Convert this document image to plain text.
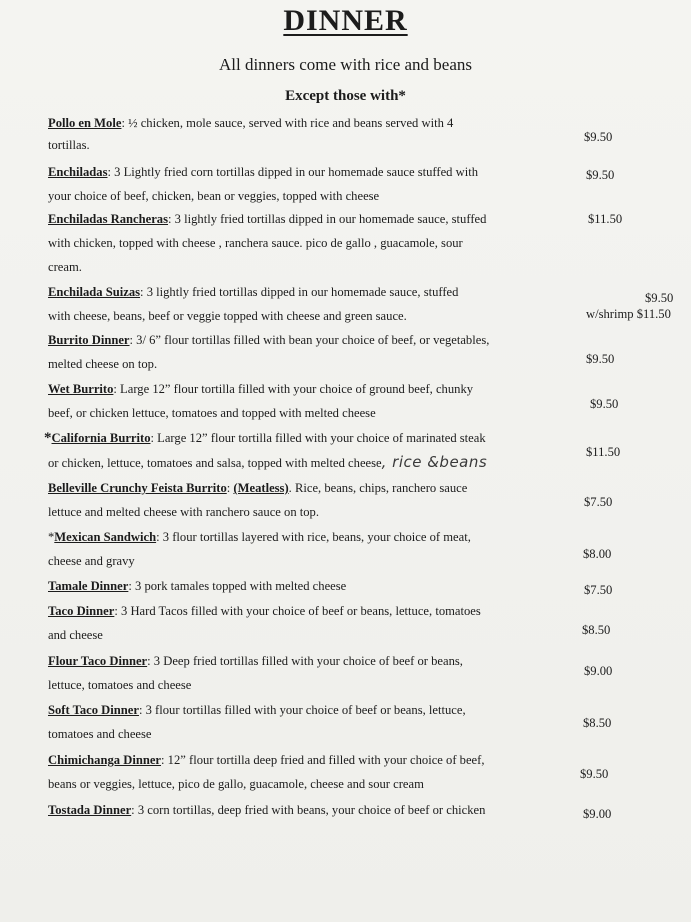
DINNER
All dinners come with rice and beans
Except those with*
Pollo en Mole: ½ chicken, mole sauce, served with rice and beans served with 4
tortillas.
$9.50
Enchiladas: 3 Lightly fried corn tortillas dipped in our homemade sauce stuffed with
your choice of beef, chicken, bean or veggies, topped with cheese
$9.50
Enchiladas Rancheras: 3 lightly fried tortillas dipped in our homemade sauce, stuffed
with chicken, topped with cheese , ranchera sauce. pico de gallo , guacamole, sour
cream.
$11.50
Enchilada Suizas: 3 lightly fried tortillas dipped in our homemade sauce, stuffed
with cheese, beans, beef or veggie topped with cheese and green sauce.
$9.50
w/shrimp $11.50
Burrito Dinner: 3/ 6” flour tortillas filled with bean your choice of beef, or vegetables,
melted cheese on top.	$9.50
Wet Burrito: Large 12” flour tortilla filled with your choice of ground beef, chunky
beef, or chicken lettuce, tomatoes and topped with melted cheese
$9.50
*California Burrito: Large 12” flour tortilla filled with your choice of marinated steak
or chicken, lettuce, tomatoes and salsa, topped with melted cheese, rice &beans
$11.50
Belleville Crunchy Feista Burrito: (Meatless). Rice, beans, chips, ranchero sauce
lettuce and melted cheese with ranchero sauce on top.
$7.50
*Mexican Sandwich: 3 flour tortillas layered with rice, beans, your choice of meat,
cheese and gravy	$8.00
Tamale Dinner: 3 pork tamales topped with melted cheese	$7.50
Taco Dinner: 3 Hard Tacos filled with your choice of beef or beans, lettuce, tomatoes
and cheese	$8.50
Flour Taco Dinner: 3 Deep fried tortillas filled with your choice of beef or beans,
lettuce, tomatoes and cheese
$9.00
Soft Taco Dinner: 3 flour tortillas filled with your choice of beef or beans, lettuce,
tomatoes and cheese
$8.50
Chimichanga Dinner: 12” flour tortilla deep fried and filled with your choice of beef,
beans or veggies, lettuce, pico de gallo, guacamole, cheese and sour cream
$9.50
Tostada Dinner: 3 corn tortillas, deep fried with beans, your choice of beef or chicken	$9.00
